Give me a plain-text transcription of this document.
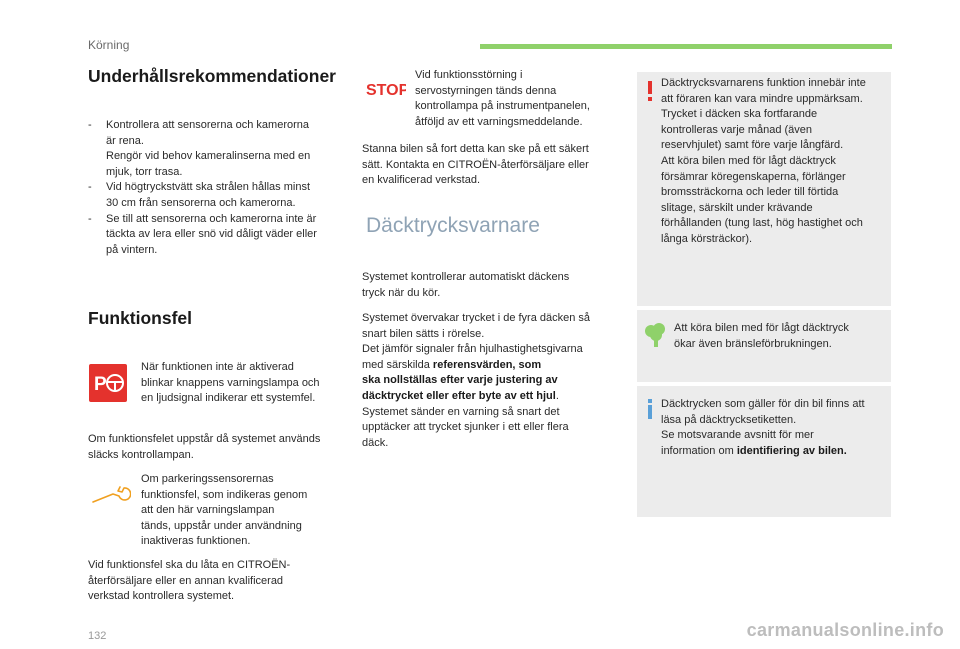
Körning
Underhållsrekommendationer
- Kontrollera att sensorerna och kamerorna
är rena.
Rengör vid behov kameralinserna med en
mjuk, torr trasa.
- Vid högtryckstvätt ska strålen hållas minst
30 cm från sensorerna och kamerorna.
- Se till att sensorerna och kamerorna inte är
täckta av lera eller snö vid dåligt väder eller
på vintern.
Funktionsfel
P
När funktionen inte är aktiverad
blinkar knappens varningslampa och
en ljudsignal indikerar ett systemfel.
Om funktionsfelet uppstår då systemet används
släcks kontrollampan.
Om parkeringssensorernas
funktionsfel, som indikeras genom
att den här varningslampan
tänds, uppstår under användning
inaktiveras funktionen.
Vid funktionsfel ska du låta en CITROËN-
återförsäljare eller en annan kvalificerad
verkstad kontrollera systemet.
STOP
Vid funktionsstörning i
servostyrningen tänds denna
kontrollampa på instrumentpanelen,
åtföljd av ett varningsmeddelande.
Stanna bilen så fort detta kan ske på ett säkert
sätt. Kontakta en CITROËN-återförsäljare eller
en kvalificerad verkstad.
Däcktrycksvarnare
Systemet kontrollerar automatiskt däckens
tryck när du kör.
Systemet övervakar trycket i de fyra däcken så
snart bilen sätts i rörelse.
Det jämför signaler från hjulhastighetsgivarna
med särskilda referensvärden, som
ska nollställas efter varje justering av
däcktrycket eller efter byte av ett hjul.
Systemet sänder en varning så snart det
upptäcker att trycket sjunker i ett eller flera
däck.
Däcktrycksvarnarens funktion innebär inte
att föraren kan vara mindre uppmärksam.
Trycket i däcken ska fortfarande
kontrolleras varje månad (även
reservhjulet) samt före varje långfärd.
Att köra bilen med för lågt däcktryck
försämrar köregenskaperna, förlänger
bromssträckorna och leder till förtida
slitage, särskilt under krävande
förhållanden (tung last, hög hastighet och
långa körsträckor).
Att köra bilen med för lågt däcktryck
ökar även bränsleförbrukningen.
Däcktrycken som gäller för din bil finns att
läsa på däcktrycksetiketten.
Se motsvarande avsnitt för mer
information om identifiering av bilen.
132	carmanualsonline.info
